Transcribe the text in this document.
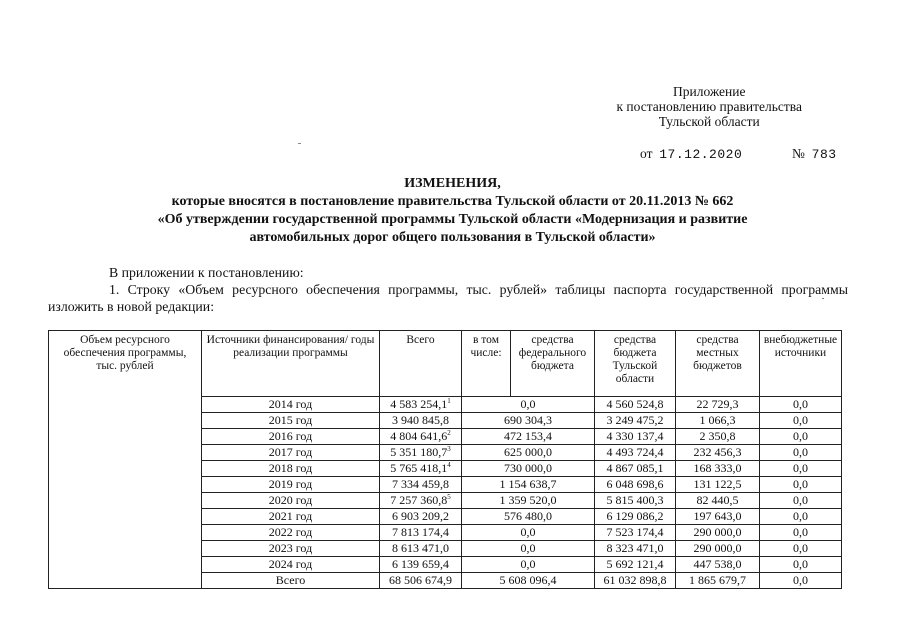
Приложение
к постановлению правительства
Тульской области
от 17.12.2020	№ 783
ИЗМЕНЕНИЯ,
которые вносятся в постановление правительства Тульской области от 20.11.2013 № 662
«Об утверждении государственной программы Тульской области «Модернизация и развитие
автомобильных дорог общего пользования в Тульской области»
В приложении к постановлению:
1. Строку «Объем ресурсного обеспечения программы, тыс. рублей» таблицы паспорта государственной программы изложить в новой редакции:
Объем ресурсного обеспечения программы, тыс. рублей	Источники финансирования/ годы реализации программы	Всего	в том числе:	средства федерального бюджета	средства бюджета Тульской области	средства местных бюджетов	внебюджетные источники
	2014 год	4 583 254,1$^1$	0,0		4 560 524,8	22 729,3	0,0
	2015 год	3 940 845,8	690 304,3		3 249 475,2	1 066,3	0,0
	2016 год	4 804 641,6$^2$	472 153,4		4 330 137,4	2 350,8	0,0
	2017 год	5 351 180,7$^3$	625 000,0		4 493 724,4	232 456,3	0,0
	2018 год	5 765 418,1$^4$	730 000,0		4 867 085,1	168 333,0	0,0
	2019 год	7 334 459,8	1 154 638,7		6 048 698,6	131 122,5	0,0
	2020 год	7 257 360,8$^5$	1 359 520,0		5 815 400,3	82 440,5	0,0
	2021 год	6 903 209,2	576 480,0		6 129 086,2	197 643,0	0,0
	2022 год	7 813 174,4	0,0		7 523 174,4	290 000,0	0,0
	2023 год	8 613 471,0	0,0		8 323 471,0	290 000,0	0,0
	2024 год	6 139 659,4	0,0		5 692 121,4	447 538,0	0,0
	Всего	68 506 674,9	5 608 096,4		61 032 898,8	1 865 679,7	0,0
